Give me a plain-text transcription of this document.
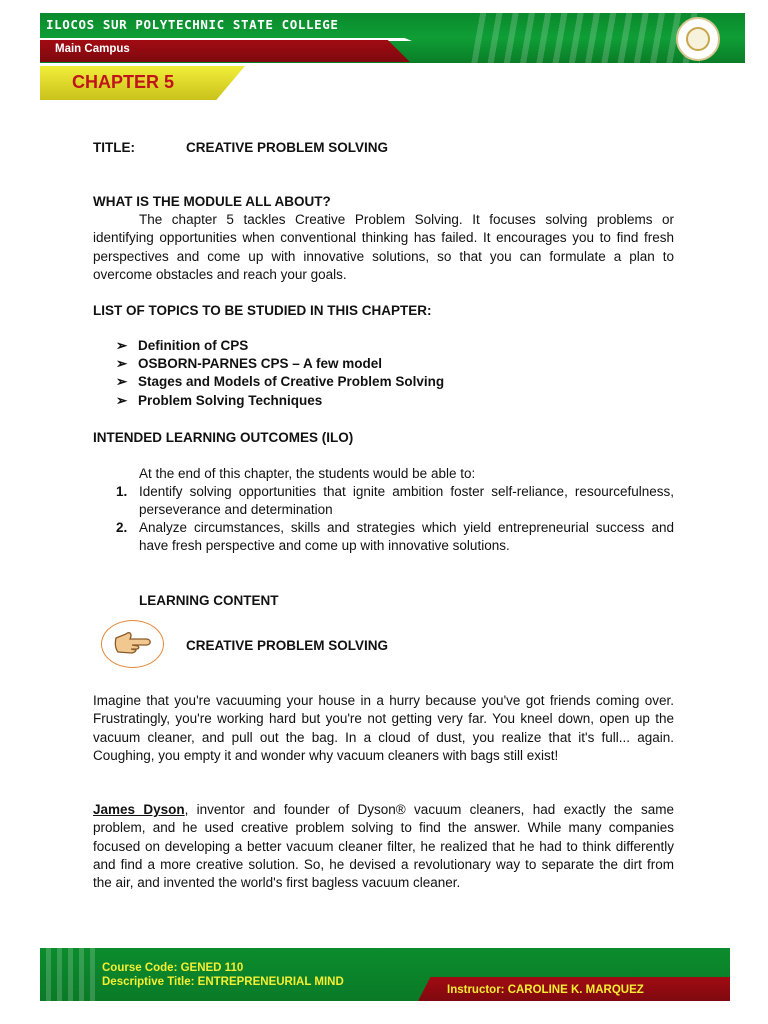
ILOCOS SUR POLYTECHNIC STATE COLLEGE
Main Campus
CHAPTER 5
TITLE:	CREATIVE PROBLEM SOLVING
WHAT IS THE MODULE ALL ABOUT?
The chapter 5 tackles Creative Problem Solving. It focuses solving problems or identifying opportunities when conventional thinking has failed. It encourages you to find fresh perspectives and come up with innovative solutions, so that you can formulate a plan to overcome obstacles and reach your goals.
LIST OF TOPICS TO BE STUDIED IN THIS CHAPTER:
➢ Definition of CPS
➢ OSBORN-PARNES CPS – A few model
➢ Stages and Models of Creative Problem Solving
➢ Problem Solving Techniques
INTENDED LEARNING OUTCOMES (ILO)
At the end of this chapter, the students would be able to:
1. Identify solving opportunities that ignite ambition foster self-reliance, resourcefulness, perseverance and determination
2. Analyze circumstances, skills and strategies which yield entrepreneurial success and have fresh perspective and come up with innovative solutions.
LEARNING CONTENT
CREATIVE PROBLEM SOLVING
Imagine that you're vacuuming your house in a hurry because you've got friends coming over. Frustratingly, you're working hard but you're not getting very far. You kneel down, open up the vacuum cleaner, and pull out the bag. In a cloud of dust, you realize that it's full... again. Coughing, you empty it and wonder why vacuum cleaners with bags still exist!
James Dyson, inventor and founder of Dyson® vacuum cleaners, had exactly the same problem, and he used creative problem solving to find the answer. While many companies focused on developing a better vacuum cleaner filter, he realized that he had to think differently and find a more creative solution. So, he devised a revolutionary way to separate the dirt from the air, and invented the world's first bagless vacuum cleaner.
Course Code: GENED 110
Descriptive Title: ENTREPRENEURIAL MIND
Instructor: CAROLINE K. MARQUEZ
